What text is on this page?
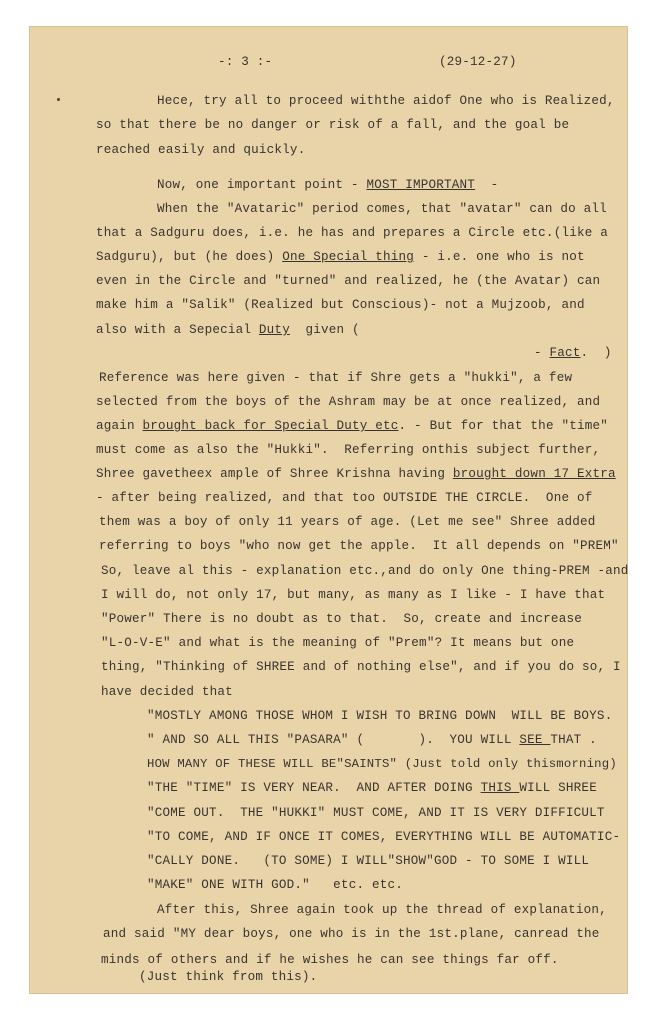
-: 3 :-	(29-12-27)
Hece, try all to proceed withthe aidof One who is Realized,
so that there be no danger or risk of a fall, and the goal be
reached easily and quickly.
Now, one important point - MOST IMPORTANT  -
When the "Avataric" period comes, that "avatar" can do all
that a Sadguru does, i.e. he has and prepares a Circle etc.(like a
Sadguru), but (he does) One Special thing - i.e. one who is not
even in the Circle and "turned" and realized, he (the Avatar) can
make him a "Salik" (Realized but Conscious)- not a Mujzoob, and
also with a Sepecial Duty  given (
- Fact.  )
Reference was here given - that if Shre gets a "hukki", a few
selected from the boys of the Ashram may be at once realized, and
again brought back for Special Duty etc. - But for that the "time"
must come as also the "Hukki".  Referring onthis subject further,
Shree gavetheex ample of Shree Krishna having brought down 17 Extra
- after being realized, and that too OUTSIDE THE CIRCLE.  One of
them was a boy of only 11 years of age. (Let me see" Shree added
referring to boys "who now get the apple.  It all depends on "PREM"
So, leave al this - explanation etc.,and do only One thing-PREM -and
I will do, not only 17, but many, as many as I like - I have that
"Power" There is no doubt as to that.  So, create and increase
"L-O-V-E" and what is the meaning of "Prem"? It means but one
thing, "Thinking of SHREE and of nothing else", and if you do so, I
have decided that
"MOSTLY AMONG THOSE WHOM I WISH TO BRING DOWN  WILL BE BOYS.
" AND SO ALL THIS "PASARA" (       ).  YOU WILL SEE THAT .
HOW MANY OF THESE WILL BE"SAINTS" (Just told only thismorning)
"THE "TIME" IS VERY NEAR.  AND AFTER DOING THIS WILL SHREE
"COME OUT.  THE "HUKKI" MUST COME, AND IT IS VERY DIFFICULT
"TO COME, AND IF ONCE IT COMES, EVERYTHING WILL BE AUTOMATIC-
"CALLY DONE.   (TO SOME) I WILL"SHOW"GOD - TO SOME I WILL
"MAKE" ONE WITH GOD."   etc. etc.
After this, Shree again took up the thread of explanation,
and said "MY dear boys, one who is in the 1st.plane, canread the
minds of others and if he wishes he can see things far off.
(Just think from this).
